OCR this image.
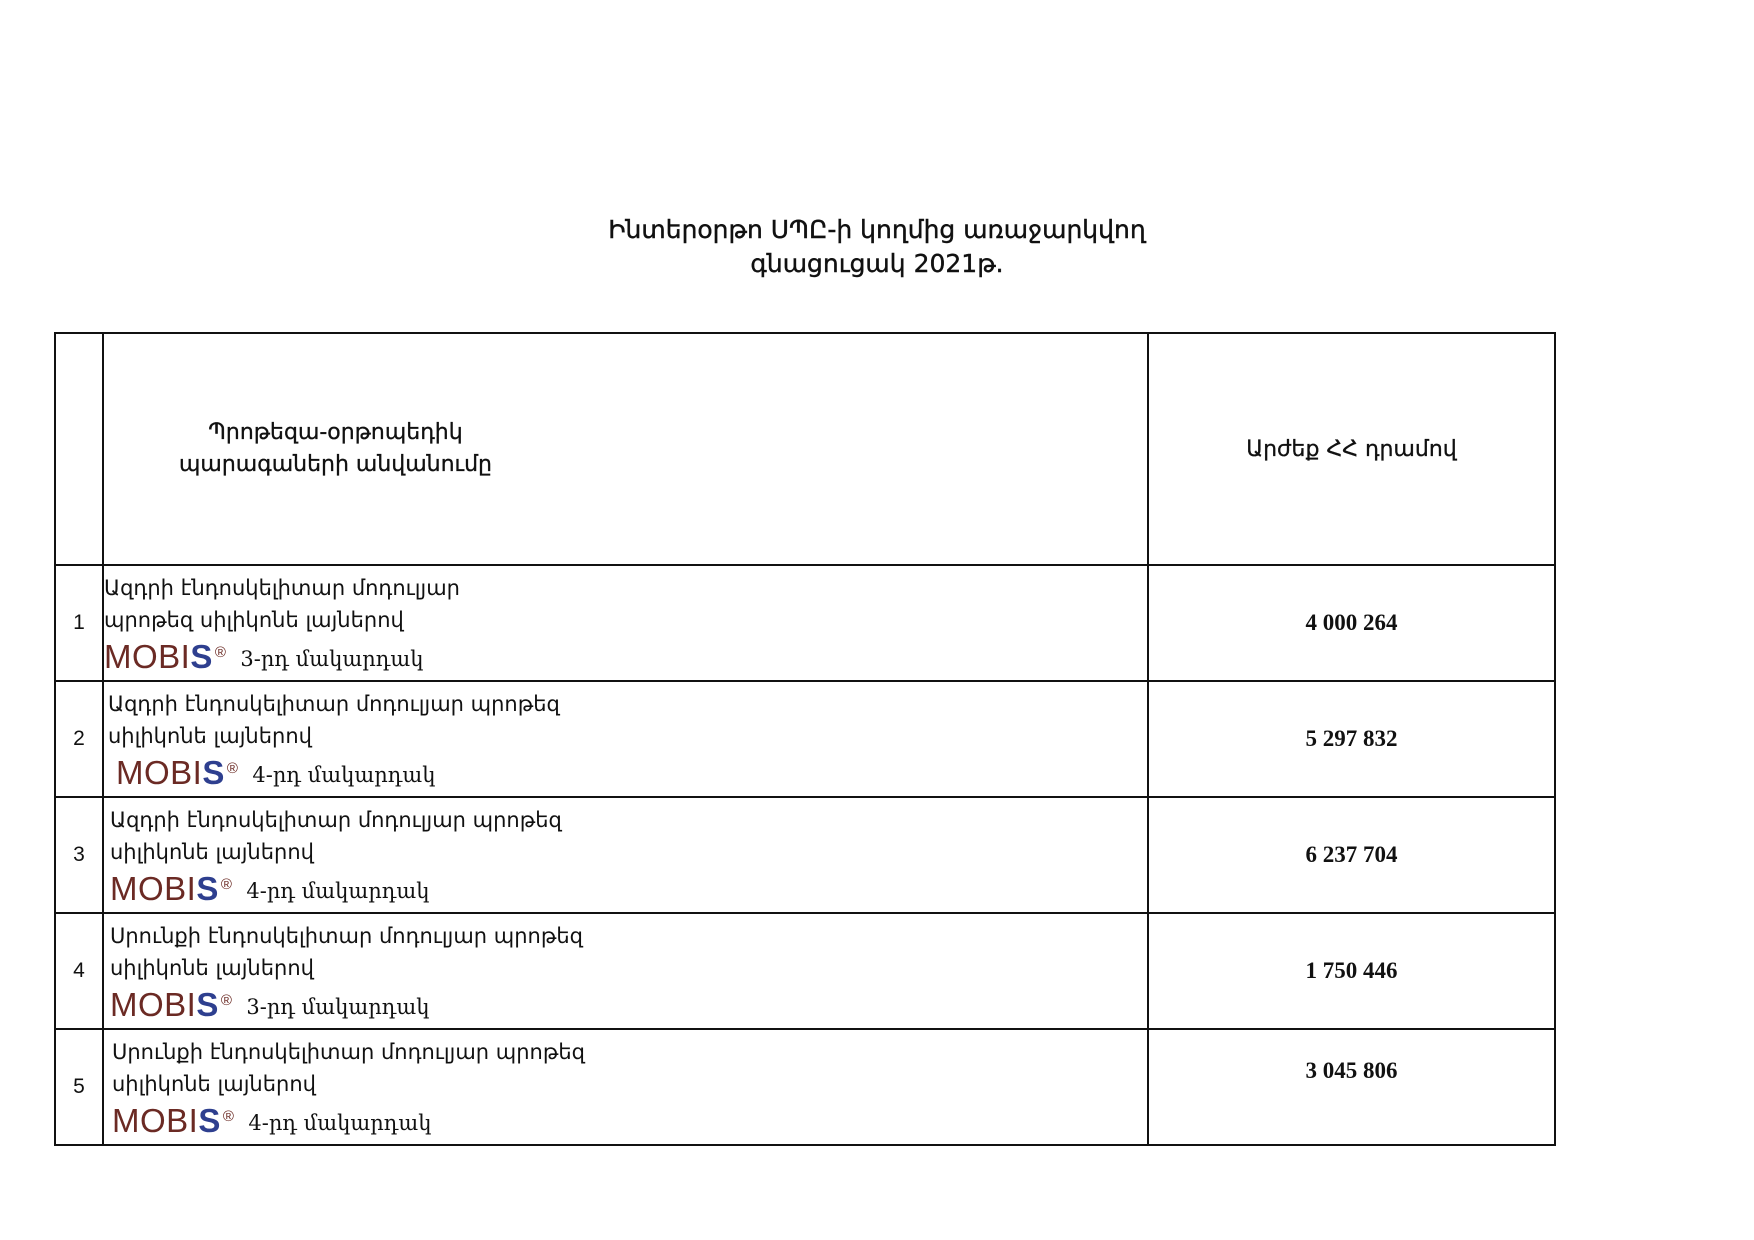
Ինտերօրթո ՍՊԸ-ի կողմից առաջարկվող
գնացուցակ 2021թ.

	Պրոթեզա-օրթոպեդիկ
պարագաների անվանումը	Արժեք ՀՀ դրամով
1	Ազդրի էնդոսկելիտար մոդուլյար
պրոթեզ սիլիկոնե լայներով
MOBIS ® 3-րդ մակարդակ	4 000 264
2	Ազդրի էնդոսկելիտար մոդուլյար պրոթեզ
սիլիկոնե լայներով
MOBIS ® 4-րդ մակարդակ	5 297 832
3	Ազդրի էնդոսկելիտար մոդուլյար պրոթեզ
սիլիկոնե լայներով
MOBIS ® 4-րդ մակարդակ	6 237 704
4	Սրունքի էնդոսկելիտար մոդուլյար պրոթեզ
սիլիկոնե լայներով
MOBIS ® 3-րդ մակարդակ	1 750 446
5	Սրունքի էնդոսկելիտար մոդուլյար պրոթեզ
սիլիկոնե լայներով
MOBIS ® 4-րդ մակարդակ	3 045 806
